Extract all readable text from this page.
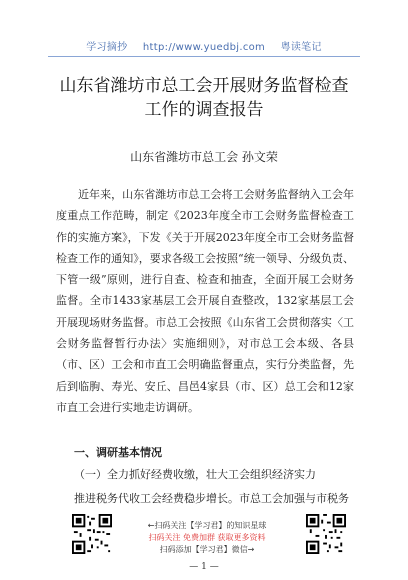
学习摘抄 http://www.yuedbj.com 粤读笔记
山东省潍坊市总工会开展财务监督检查工作的调查报告
山东省潍坊市总工会 孙文荣

近年来，山东省潍坊市总工会将工会财务监督纳入工会年度重点工作范畴，制定《2023年度全市工会财务监督检查工作的实施方案》，下发《关于开展2023年度全市工会财务监督检查工作的通知》，要求各级工会按照“统一领导、分级负责、下管一级”原则，进行自查、检查和抽查，全面开展工会财务监督。全市1433家基层工会开展自查整改，132家基层工会开展现场财务监督。市总工会按照《山东省工会贯彻落实〈工会财务监督暂行办法〉实施细则》，对市总工会本级、各县（市、区）工会和市直工会明确监督重点，实行分类监督，先后到临朐、寿光、安丘、昌邑4家县（市、区）总工会和12家市直工会进行实地走访调研。

一、调研基本情况
（一）全力抓好经费收缴，壮大工会组织经济实力
推进税务代收工会经费稳步增长。市总工会加强与市税务
←扫码关注【学习君】的知识星球
扫码关注 免费加群 获取更多资料
扫码添加【学习君】微信→
— 1 —
